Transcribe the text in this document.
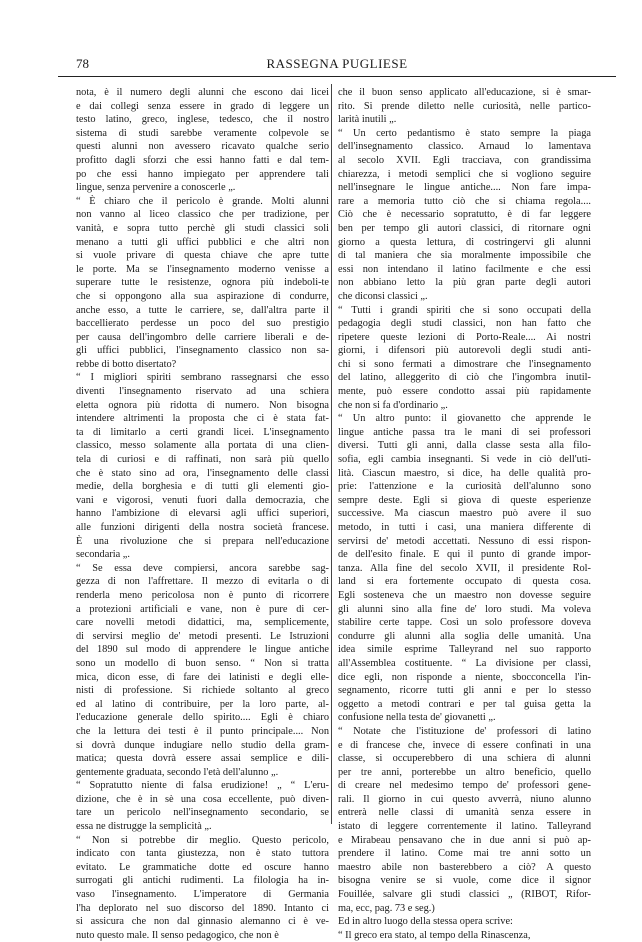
78	RASSEGNA PUGLIESE
nota, è il numero degli alunni che escono dai licei
e dai collegi senza essere in grado di leggere un
testo latino, greco, inglese, tedesco, che il nostro
sistema di studi sarebbe veramente colpevole se
questi alunni non avessero ricavato qualche serio
profitto dagli sforzi che essi hanno fatti e dal tem-
po che essi hanno impiegato per apprendere tali
lingue, senza pervenire a conoscerle „.
“ È chiaro che il pericolo è grande. Molti alunni
non vanno al liceo classico che per tradizione, per
vanità, e sopra tutto perchè gli studi classici soli
menano a tutti gli uffici pubblici e che altri non
si vuole privare di questa chiave che apre tutte
le porte. Ma se l'insegnamento moderno venisse a
superare tutte le resistenze, ognora più indeboli-te
che si oppongono alla sua aspirazione di condurre,
anche esso, a tutte le carriere, se, dall'altra parte il
baccellierato perdesse un poco del suo prestigio
per causa dell'ingombro delle carriere liberali e de-
gli uffici pubblici, l'insegnamento classico non sa-
rebbe di botto disertato?
“ I migliori spiriti sembrano rassegnarsi che esso
diventi l'insegnamento riservato ad una schiera
eletta ognora più ridotta di numero. Non bisogna
intendere altrimenti la proposta che ci è stata fat-
ta di limitarlo a certi grandi licei. L'insegnamento
classico, messo solamente alla portata di una clien-
tela di curiosi e di raffinati, non sarà più quello
che è stato sino ad ora, l'insegnamento delle classi
medie, della borghesia e di tutti gli elementi gio-
vani e vigorosi, venuti fuori dalla democrazia, che
hanno l'ambizione di elevarsi agli uffici superiori,
alle funzioni dirigenti della nostra società francese.
È una rivoluzione che si prepara nell'educazione
secondaria „.
“ Se essa deve compiersi, ancora sarebbe sag-
gezza di non l'affrettare. Il mezzo di evitarla o di
renderla meno pericolosa non è punto di ricorrere
a protezioni artificiali e vane, non è pure di cer-
care novelli metodi didattici, ma, semplicemente,
di servirsi meglio de' metodi presenti. Le Istruzioni
del 1890 sul modo di apprendere le lingue antiche
sono un modello di buon senso. “ Non si tratta
mica, dicon esse, di fare dei latinisti e degli elle-
nisti di professione. Si richiede soltanto al greco
ed al latino di contribuire, per la loro parte, al-
l'educazione generale dello spirito.... Egli è chiaro
che la lettura dei testi è il punto principale.... Non
si dovrà dunque indugiare nello studio della gram-
matica; questa dovrà essere assai semplice e dili-
gentemente graduata, secondo l'età dell'alunno „.
“ Sopratutto niente di falsa erudizione! „ “ L'eru-
dizione, che è in sè una cosa eccellente, può diven-
tare un pericolo nell'insegnamento secondario, se
essa ne distrugge la semplicità „.
“ Non si potrebbe dir meglio. Questo pericolo,
indicato con tanta giustezza, non è stato tuttora
evitato. Le grammatiche dotte ed oscure hanno
surrogati gli antichi rudimenti. La filologia ha in-
vaso l'insegnamento. L'imperatore di Germania
l'ha deplorato nel suo discorso del 1890. Intanto ci
si assicura che non dal ginnasio alemanno ci è ve-
nuto questo male. Il senso pedagogico, che non è
che il buon senso applicato all'educazione, si è smar-
rito. Si prende diletto nelle curiosità, nelle partico-
larità inutili „.
“ Un certo pedantismo è stato sempre la piaga
dell'insegnamento classico. Arnaud lo lamentava
al secolo XVII. Egli tracciava, con grandissima
chiarezza, i metodi semplici che si vogliono seguire
nell'insegnare le lingue antiche.... Non fare impa-
rare a memoria tutto ciò che si chiama regola....
Ciò che è necessario sopratutto, è di far leggere
ben per tempo gli autori classici, di ritornare ogni
giorno a questa lettura, di costringervi gli alunni
di tal maniera che sia moralmente impossibile che
essi non intendano il latino facilmente e che essi
non abbiano letto la più gran parte degli autori
che diconsi classici „.
“ Tutti i grandi spiriti che si sono occupati della
pedagogia degli studi classici, non han fatto che
ripetere queste lezioni di Porto-Reale.... Ai nostri
giorni, i difensori più autorevoli degli studi anti-
chi si sono fermati a dimostrare che l'insegnamento
del latino, alleggerito di ciò che l'ingombra inutil-
mente, può essere condotto assai più rapidamente
che non si fa d'ordinario „.
“ Un altro punto: il giovanetto che apprende le
lingue antiche passa tra le mani di sei professori
diversi. Tutti gli anni, dalla classe sesta alla filo-
sofia, egli cambia insegnanti. Si vede in ciò dell'uti-
lità. Ciascun maestro, si dice, ha delle qualità pro-
prie: l'attenzione e la curiosità dell'alunno sono
sempre deste. Egli si giova di queste esperienze
successive. Ma ciascun maestro può avere il suo
metodo, in tutti i casi, una maniera differente di
servirsi de' metodi accettati. Nessuno di essi rispon-
de dell'esito finale. E qui il punto di grande impor-
tanza. Alla fine del secolo XVII, il presidente Rol-
land si era fortemente occupato di questa cosa.
Egli sosteneva che un maestro non dovesse seguire
gli alunni sino alla fine de' loro studi. Ma voleva
stabilire certe tappe. Così un solo professore doveva
condurre gli alunni alla soglia delle umanità. Una
idea simile esprime Talleyrand nel suo rapporto
all'Assemblea costituente. “ La divisione per classi,
dice egli, non risponde a niente, sbocconcella l'in-
segnamento, ricorre tutti gli anni e per lo stesso
oggetto a metodi contrari e per tal guisa getta la
confusione nella testa de' giovanetti „.
“ Notate che l'istituzione de' professori di latino
e di francese che, invece di essere confinati in una
classe, si occuperebbero di una schiera di alunni
per tre anni, porterebbe un altro beneficio, quello
di creare nel medesimo tempo de' professori gene-
rali. Il giorno in cui questo avverrà, niuno alunno
entrerà nelle classi di umanità senza essere in
istato di leggere correntemente il latino. Talleyrand
e Mirabeau pensavano che in due anni si può ap-
prendere il latino. Come mai tre anni sotto un
maestro abile non basterebbero a ciò? A questo
bisogna venire se si vuole, come dice il signor
Fouillée, salvare gli studi classici „ (RIBOT, Rifor-
ma, ecc, pag. 73 e seg.)
Ed in altro luogo della stessa opera scrive:
“ Il greco era stato, al tempo della Rinascenza,
